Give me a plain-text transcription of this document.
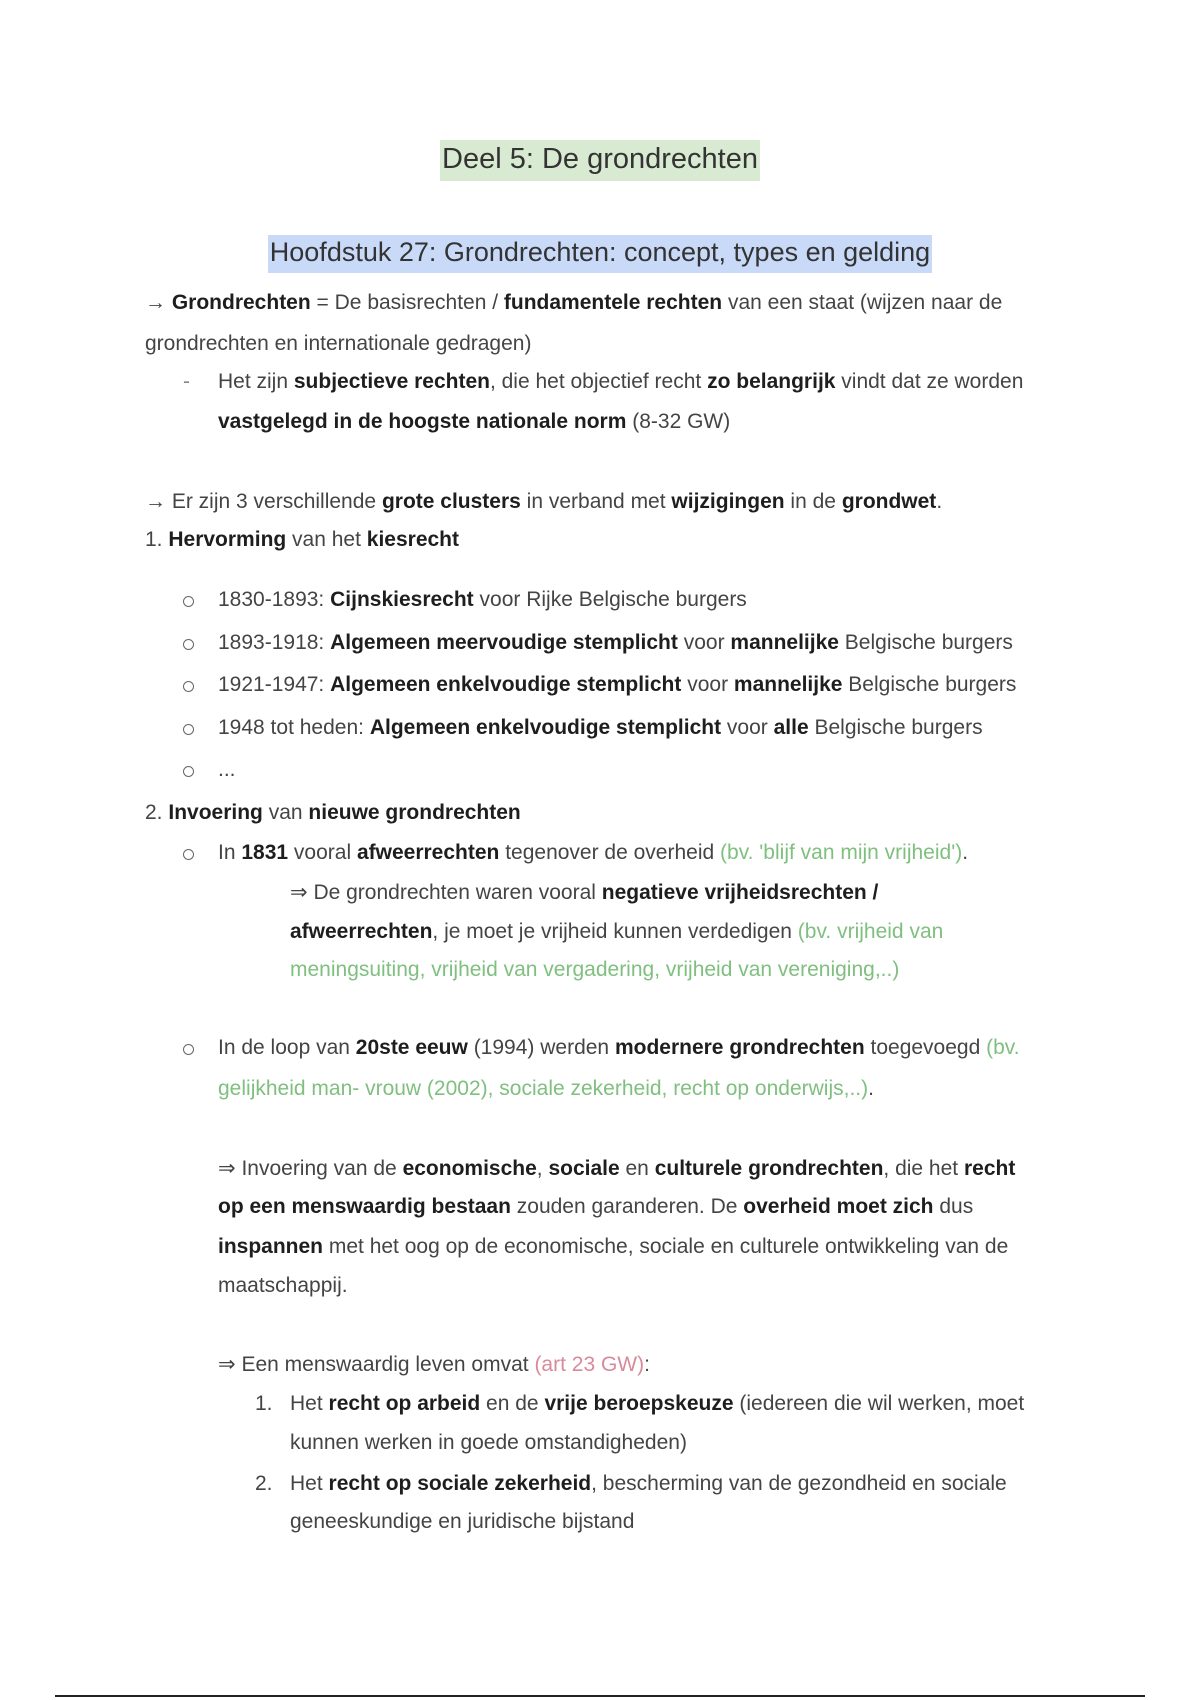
Deel 5: De grondrechten
Hoofdstuk 27: Grondrechten: concept, types en gelding
→ Grondrechten = De basisrechten / fundamentele rechten van een staat (wijzen naar de
grondrechten en internationale gedragen)
- Het zijn subjectieve rechten, die het objectief recht zo belangrijk vindt dat ze worden
vastgelegd in de hoogste nationale norm (8-32 GW)
→ Er zijn 3 verschillende grote clusters in verband met wijzigingen in de grondwet.
1. Hervorming van het kiesrecht
1830-1893: Cijnskiesrecht voor Rijke Belgische burgers
1893-1918: Algemeen meervoudige stemplicht voor mannelijke Belgische burgers
1921-1947: Algemeen enkelvoudige stemplicht voor mannelijke Belgische burgers
1948 tot heden: Algemeen enkelvoudige stemplicht voor alle Belgische burgers
...
2. Invoering van nieuwe grondrechten
In 1831 vooral afweerrechten tegenover de overheid (bv. 'blijf van mijn vrijheid').
⇒ De grondrechten waren vooral negatieve vrijheidsrechten /
afweerrechten, je moet je vrijheid kunnen verdedigen (bv. vrijheid van
meningsuiting, vrijheid van vergadering, vrijheid van vereniging,..)
In de loop van 20ste eeuw (1994) werden modernere grondrechten toegevoegd (bv.
gelijkheid man- vrouw (2002), sociale zekerheid, recht op onderwijs,..).
⇒ Invoering van de economische, sociale en culturele grondrechten, die het recht
op een menswaardig bestaan zouden garanderen. De overheid moet zich dus
inspannen met het oog op de economische, sociale en culturele ontwikkeling van de
maatschappij.
⇒ Een menswaardig leven omvat (art 23 GW):
1. Het recht op arbeid en de vrije beroepskeuze (iedereen die wil werken, moet
kunnen werken in goede omstandigheden)
2. Het recht op sociale zekerheid, bescherming van de gezondheid en sociale
geneeskundige en juridische bijstand
